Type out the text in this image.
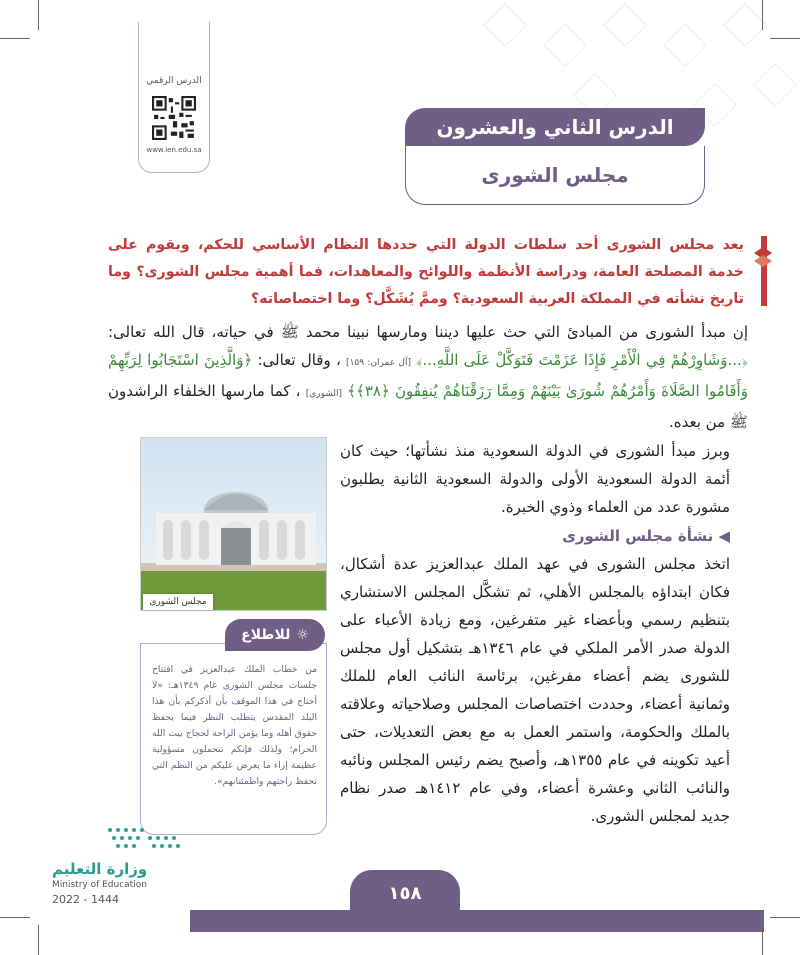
الدرس الرقمي
www.ien.edu.sa
الدرس الثاني والعشرون
مجلس الشورى
يعد مجلس الشورى أحد سلطات الدولة التي حددها النظام الأساسي للحكم، ويقوم على خدمة المصلحة العامة، ودراسة الأنظمة واللوائح والمعاهدات، فما أهمية مجلس الشورى؟ وما تاريخ نشأته في المملكة العربية السعودية؟ وممَّ يُشَكَّل؟ وما اختصاصاته؟
إن مبدأ الشورى من المبادئ التي حث عليها ديننا ومارسها نبينا محمد ﷺ في حياته، قال الله تعالى: ﴿...وَشَاوِرْهُمْ فِي الْأَمْرِ فَإِذَا عَزَمْتَ فَتَوَكَّلْ عَلَى اللَّهِ...﴾ [آل عمران: ١٥٩] ، وقال تعالى: ﴿وَالَّذِينَ اسْتَجَابُوا لِرَبِّهِمْ وَأَقَامُوا الصَّلَاةَ وَأَمْرُهُمْ شُورَىٰ بَيْنَهُمْ وَمِمَّا رَزَقْنَاهُمْ يُنفِقُونَ ﴿٣٨﴾﴾ [الشورى] ، كما مارسها الخلفاء الراشدون ﷺ من بعده.
وبرز مبدأ الشورى في الدولة السعودية منذ نشأتها؛ حيث كان أئمة الدولة السعودية الأولى والدولة السعودية الثانية يطلبون مشورة عدد من العلماء وذوي الخبرة.
مجلس الشورى
◀ نشأة مجلس الشورى
اتخذ مجلس الشورى في عهد الملك عبدالعزيز عدة أشكال، فكان ابتداؤه بالمجلس الأهلي، ثم تشكَّل المجلس الاستشاري بتنظيم رسمي وبأعضاء غير متفرغين، ومع زيادة الأعباء على الدولة صدر الأمر الملكي في عام ١٣٤٦هـ بتشكيل أول مجلس للشورى يضم أعضاء مفرغين، برئاسة النائب العام للملك وثمانية أعضاء، وحددت اختصاصات المجلس وصلاحياته وعلاقته بالملك والحكومة، واستمر العمل به مع بعض التعديلات، حتى أعيد تكوينه في عام ١٣٥٥هـ، وأصبح يضم رئيس المجلس ونائبه والنائب الثاني وعشرة أعضاء، وفي عام ١٤١٢هـ صدر نظام جديد لمجلس الشورى.
☼
للاطلاع
من خطاب الملك عبدالعزيز في افتتاح جلسات مجلس الشورى عام ١٣٤٩هـ: «لا أحتاج في هذا الموقف بأن أذكركم بأن هذا البلد المقدس يتطلب النظر فيما يحفظ حقوق أهله وما يؤمن الراحة لحجاج بيت الله الحرام؛ ولذلك فإنكم تتحملون مسؤولية عظيمة إزاء ما يعرض عليكم من النظم التي تحفظ راحتهم واطمئنانهم».
وزارة التعليم
Ministry of Education
2022 - 1444	١٥٨
